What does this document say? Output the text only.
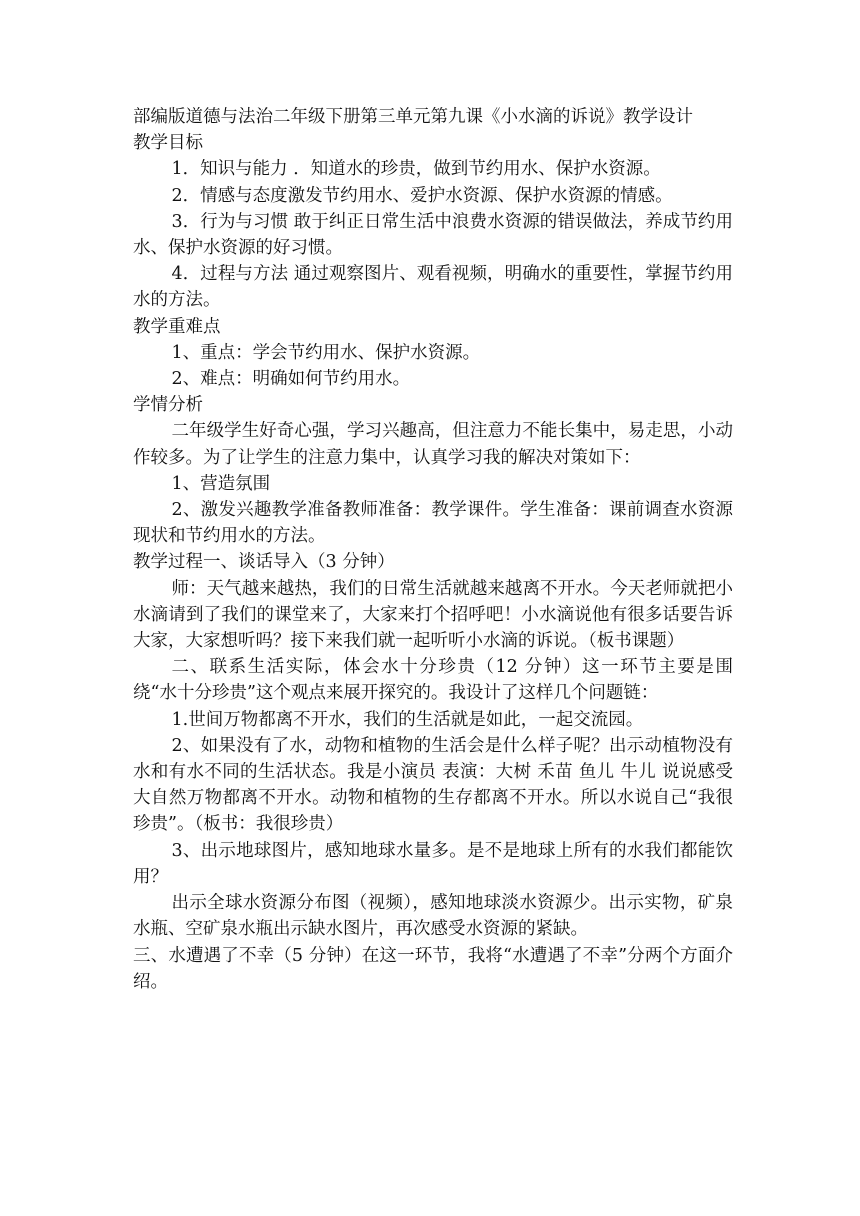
部编版道德与法治二年级下册第三单元第九课《小水滴的诉说》教学设计

教学目标

1．知识与能力 ．知道水的珍贵，做到节约用水、保护水资源。

2．情感与态度激发节约用水、爱护水资源、保护水资源的情感。

3．行为与习惯 敢于纠正日常生活中浪费水资源的错误做法，养成节约用水、保护水资源的好习惯。

4．过程与方法 通过观察图片、观看视频，明确水的重要性，掌握节约用水的方法。

教学重难点

1、重点：学会节约用水、保护水资源。

2、难点：明确如何节约用水。

学情分析

二年级学生好奇心强，学习兴趣高，但注意力不能长集中，易走思，小动作较多。为了让学生的注意力集中，认真学习我的解决对策如下：

1、营造氛围

2、激发兴趣教学准备教师准备：教学课件。学生准备：课前调查水资源现状和节约用水的方法。

教学过程一、谈话导入（3 分钟）

师：天气越来越热，我们的日常生活就越来越离不开水。今天老师就把小水滴请到了我们的课堂来了，大家来打个招呼吧！小水滴说他有很多话要告诉大家，大家想听吗？接下来我们就一起听听小水滴的诉说。（板书课题）

二、联系生活实际，体会水十分珍贵（12 分钟）这一环节主要是围绕“水十分珍贵”这个观点来展开探究的。我设计了这样几个问题链：

1.世间万物都离不开水，我们的生活就是如此，一起交流园。

2、如果没有了水，动物和植物的生活会是什么样子呢？出示动植物没有水和有水不同的生活状态。我是小演员 表演：大树 禾苗 鱼儿 牛儿 说说感受大自然万物都离不开水。动物和植物的生存都离不开水。所以水说自己“我很珍贵”。（板书：我很珍贵）

3、出示地球图片，感知地球水量多。是不是地球上所有的水我们都能饮用？

出示全球水资源分布图（视频），感知地球淡水资源少。出示实物，矿泉水瓶、空矿泉水瓶出示缺水图片，再次感受水资源的紧缺。

三、水遭遇了不幸（5 分钟）在这一环节，我将“水遭遇了不幸”分两个方面介绍。
